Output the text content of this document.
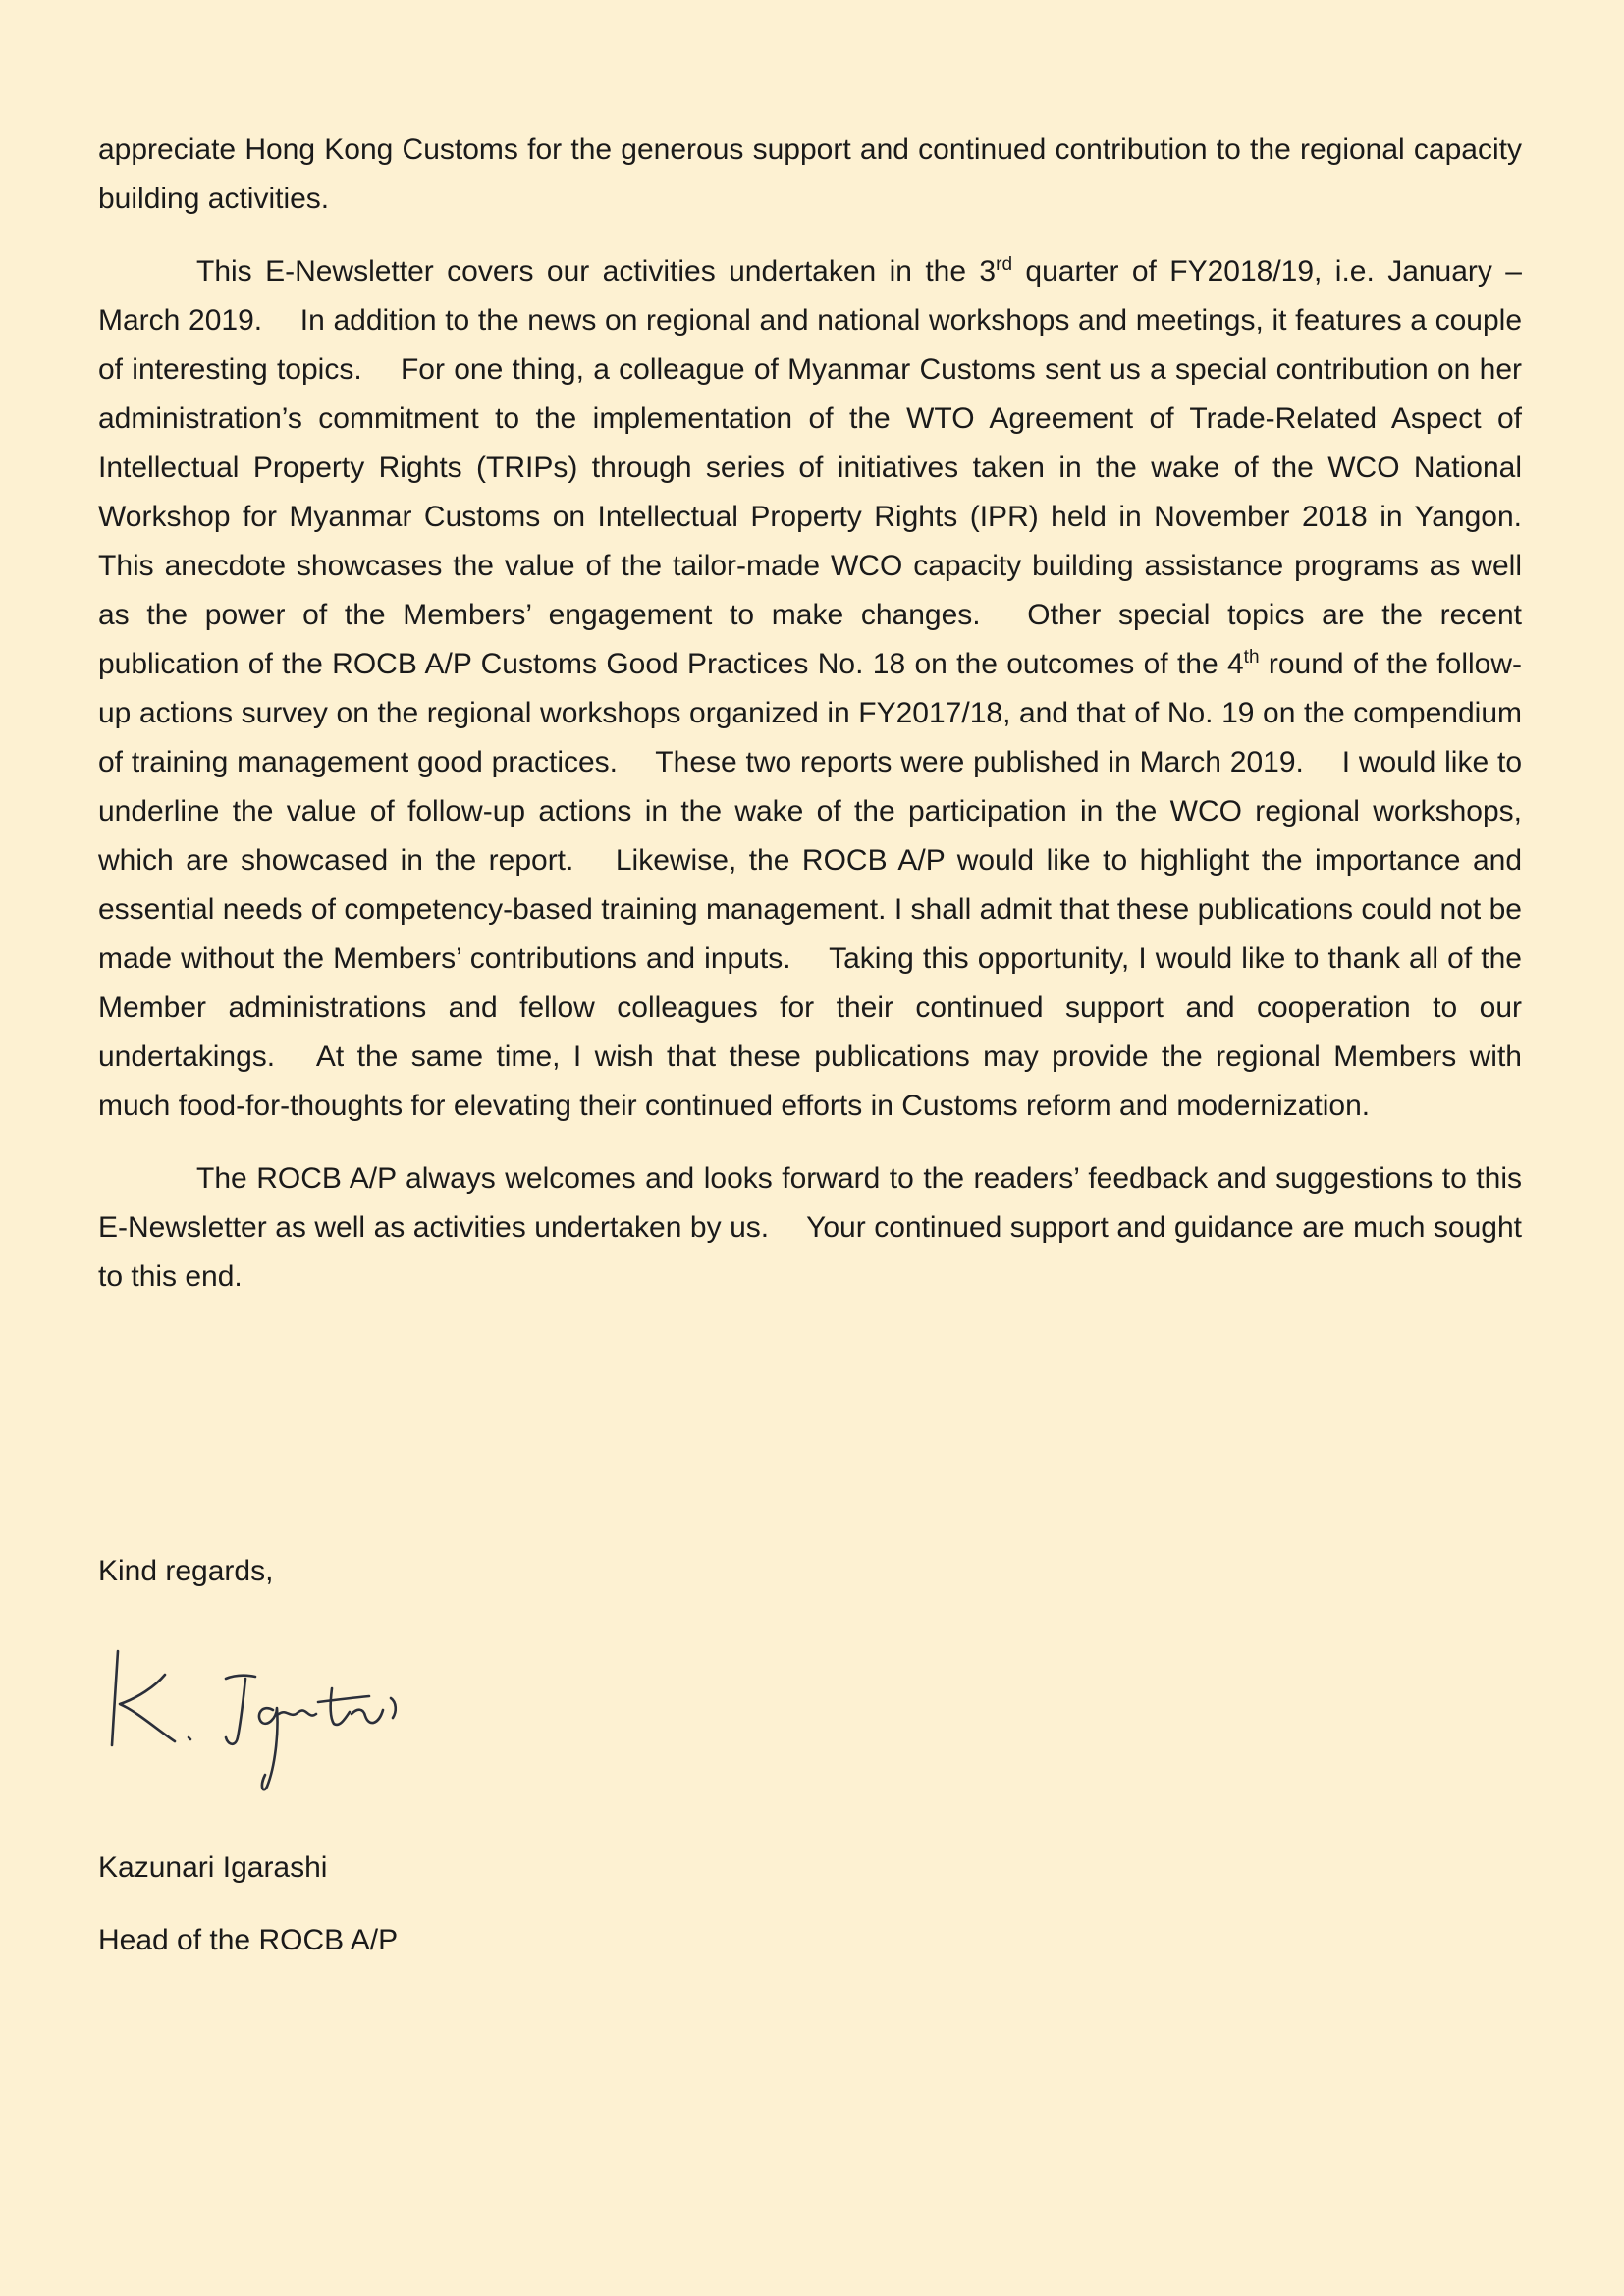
appreciate Hong Kong Customs for the generous support and continued contribution to the regional capacity building activities.

This E-Newsletter covers our activities undertaken in the 3rd quarter of FY2018/19, i.e. January – March 2019.  In addition to the news on regional and national workshops and meetings, it features a couple of interesting topics.  For one thing, a colleague of Myanmar Customs sent us a special contribution on her administration’s commitment to the implementation of the WTO Agreement of Trade-Related Aspect of Intellectual Property Rights (TRIPs) through series of initiatives taken in the wake of the WCO National Workshop for Myanmar Customs on Intellectual Property Rights (IPR) held in November 2018 in Yangon. This anecdote showcases the value of the tailor-made WCO capacity building assistance programs as well as the power of the Members’ engagement to make changes.  Other special topics are the recent publication of the ROCB A/P Customs Good Practices No. 18 on the outcomes of the 4th round of the follow-up actions survey on the regional workshops organized in FY2017/18, and that of No. 19 on the compendium of training management good practices.  These two reports were published in March 2019.  I would like to underline the value of follow-up actions in the wake of the participation in the WCO regional workshops, which are showcased in the report.  Likewise, the ROCB A/P would like to highlight the importance and essential needs of competency-based training management. I shall admit that these publications could not be made without the Members’ contributions and inputs.  Taking this opportunity, I would like to thank all of the Member administrations and fellow colleagues for their continued support and cooperation to our undertakings.  At the same time, I wish that these publications may provide the regional Members with much food-for-thoughts for elevating their continued efforts in Customs reform and modernization.

The ROCB A/P always welcomes and looks forward to the readers’ feedback and suggestions to this E-Newsletter as well as activities undertaken by us.  Your continued support and guidance are much sought to this end.

Kind regards,

Kazunari Igarashi

Head of the ROCB A/P
